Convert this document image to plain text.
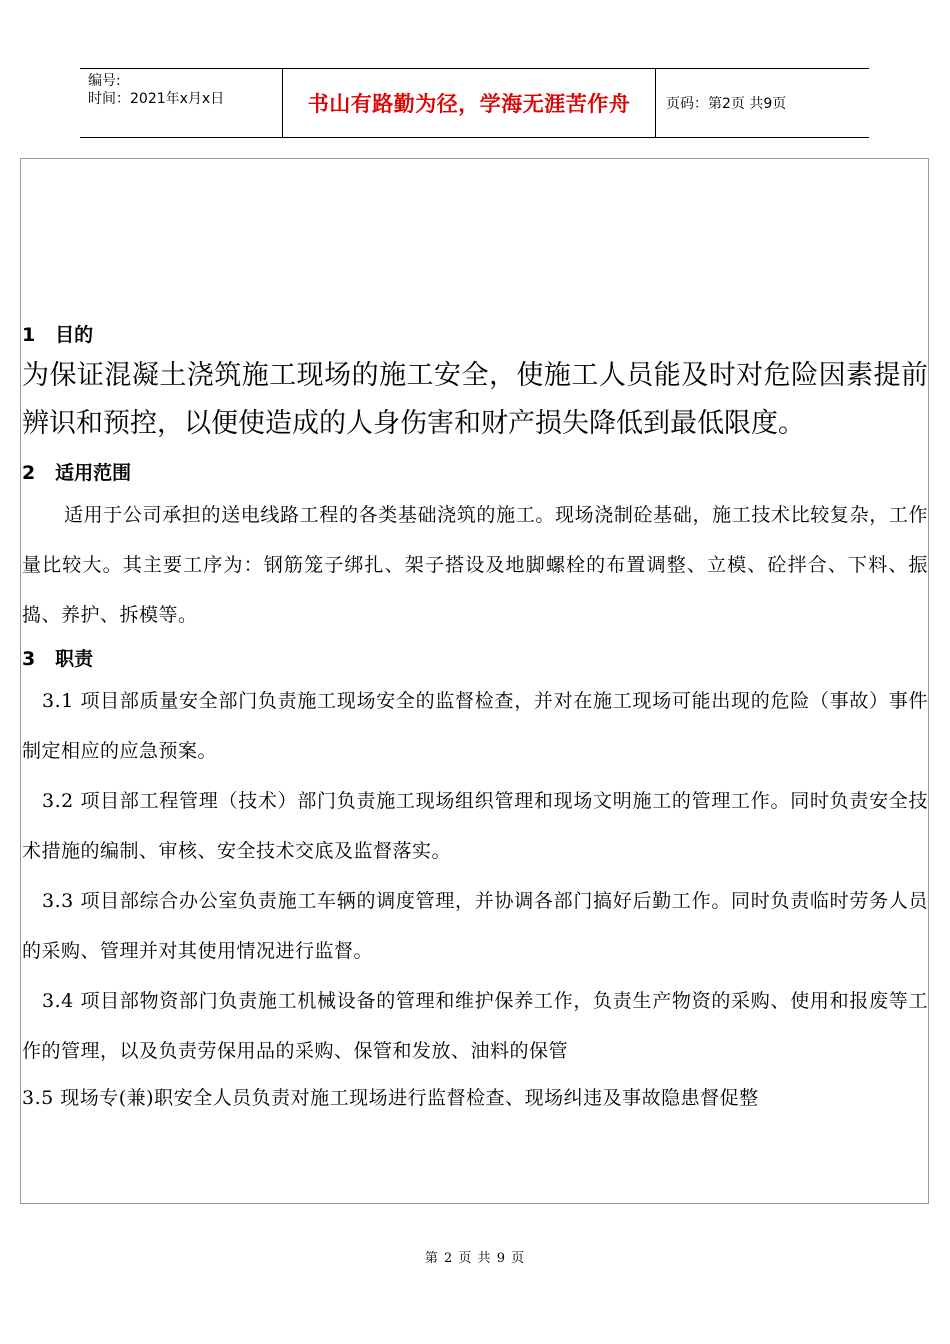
编号:
时间：2021年x月x日	书山有路勤为径，学海无涯苦作舟	页码：第2页 共9页
1   目的

为保证混凝土浇筑施工现场的施工安全，使施工人员能及时对危险因素提前辨识和预控，以便使造成的人身伤害和财产损失降低到最低限度。

2   适用范围

适用于公司承担的送电线路工程的各类基础浇筑的施工。现场浇制砼基础，施工技术比较复杂，工作量比较大。其主要工序为：钢筋笼子绑扎、架子搭设及地脚螺栓的布置调整、立模、砼拌合、下料、振捣、养护、拆模等。

3   职责

3.1 项目部质量安全部门负责施工现场安全的监督检查，并对在施工现场可能出现的危险（事故）事件制定相应的应急预案。

3.2 项目部工程管理（技术）部门负责施工现场组织管理和现场文明施工的管理工作。同时负责安全技术措施的编制、审核、安全技术交底及监督落实。

3.3 项目部综合办公室负责施工车辆的调度管理，并协调各部门搞好后勤工作。同时负责临时劳务人员的采购、管理并对其使用情况进行监督。

3.4 项目部物资部门负责施工机械设备的管理和维护保养工作，负责生产物资的采购、使用和报废等工作的管理，以及负责劳保用品的采购、保管和发放、油料的保管

3.5 现场专(兼)职安全人员负责对施工现场进行监督检查、现场纠违及事故隐患督促整

第 2 页 共 9 页
